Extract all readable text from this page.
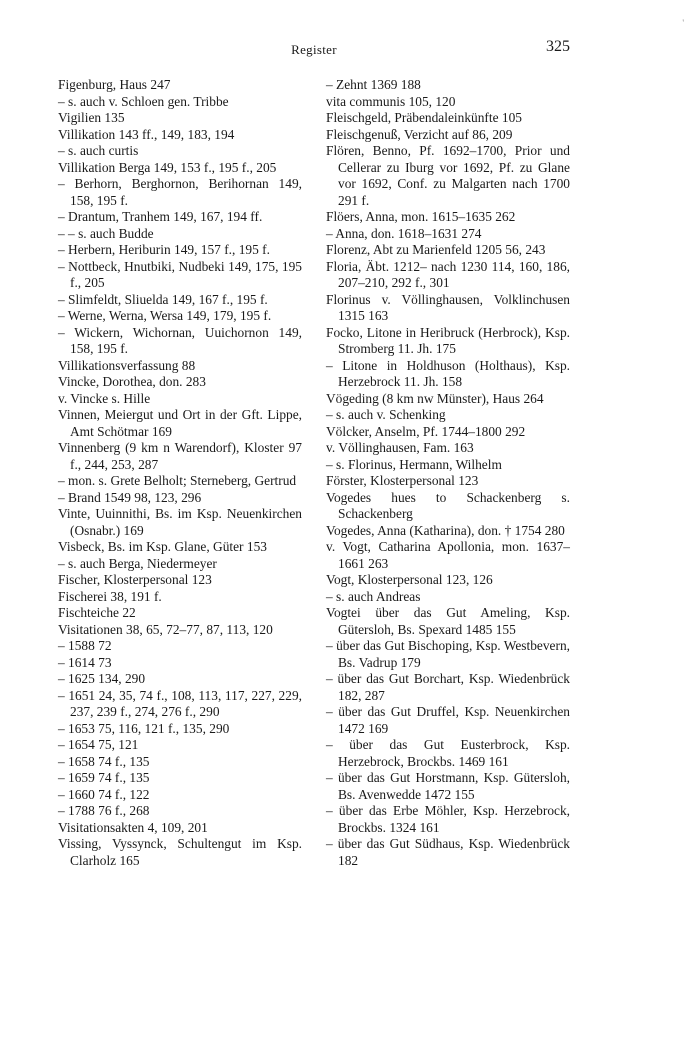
Register	325
'

Figenburg, Haus 247

– s. auch v. Schloen gen. Tribbe

Vigilien 135

Villikation 143 ff., 149, 183, 194

– s. auch curtis

Villikation Berga 149, 153 f., 195 f., 205

– Berhorn, Berghornon, Berihornan 149, 158, 195 f.

– Drantum, Tranhem 149, 167, 194 ff.

– – s. auch Budde

– Herbern, Heriburin 149, 157 f., 195 f.

– Nottbeck, Hnutbiki, Nudbeki 149, 175, 195 f., 205

– Slimfeldt, Sliuelda 149, 167 f., 195 f.

– Werne, Werna, Wersa 149, 179, 195 f.

– Wickern, Wichornan, Uuichornon 149, 158, 195 f.

Villikationsverfassung 88

Vincke, Dorothea, don. 283

v. Vincke s. Hille

Vinnen, Meiergut und Ort in der Gft. Lippe, Amt Schötmar 169

Vinnenberg (9 km n Warendorf), Kloster 97 f., 244, 253, 287

– mon. s. Grete Belholt; Sterneberg, Gertrud

– Brand 1549 98, 123, 296

Vinte, Uuinnithi, Bs. im Ksp. Neuenkirchen (Osnabr.) 169

Visbeck, Bs. im Ksp. Glane, Güter 153

– s. auch Berga, Niedermeyer

Fischer, Klosterpersonal 123

Fischerei 38, 191 f.

Fischteiche 22

Visitationen 38, 65, 72–77, 87, 113, 120

– 1588 72

– 1614 73

– 1625 134, 290

– 1651 24, 35, 74 f., 108, 113, 117, 227, 229, 237, 239 f., 274, 276 f., 290

– 1653 75, 116, 121 f., 135, 290

– 1654 75, 121

– 1658 74 f., 135

– 1659 74 f., 135

– 1660 74 f., 122

– 1788 76 f., 268

Visitationsakten 4, 109, 201

Vissing, Vyssynck, Schultengut im Ksp. Clarholz 165

– Zehnt 1369 188

vita communis 105, 120

Fleischgeld, Präbendaleinkünfte 105

Fleischgenuß, Verzicht auf 86, 209

Flören, Benno, Pf. 1692–1700, Prior und Cellerar zu Iburg vor 1692, Pf. zu Glane vor 1692, Conf. zu Malgarten nach 1700 291 f.

Flöers, Anna, mon. 1615–1635 262

– Anna, don. 1618–1631 274

Florenz, Abt zu Marienfeld 1205 56, 243

Floria, Äbt. 1212– nach 1230 114, 160, 186, 207–210, 292 f., 301

Florinus v. Völlinghausen, Volklinchusen 1315 163

Focko, Litone in Heribruck (Herbrock), Ksp. Stromberg 11. Jh. 175

– Litone in Holdhuson (Holthaus), Ksp. Herzebrock 11. Jh. 158

Vögeding (8 km nw Münster), Haus 264

– s. auch v. Schenking

Völcker, Anselm, Pf. 1744–1800 292

v. Völlinghausen, Fam. 163

– s. Florinus, Hermann, Wilhelm

Förster, Klosterpersonal 123

Vogedes hues to Schackenberg s. Schackenberg

Vogedes, Anna (Katharina), don. † 1754 280

v. Vogt, Catharina Apollonia, mon. 1637–1661 263

Vogt, Klosterpersonal 123, 126

– s. auch Andreas

Vogtei über das Gut Ameling, Ksp. Gütersloh, Bs. Spexard 1485 155

– über das Gut Bischoping, Ksp. Westbevern, Bs. Vadrup 179

– über das Gut Borchart, Ksp. Wiedenbrück 182, 287

– über das Gut Druffel, Ksp. Neuenkirchen 1472 169

– über das Gut Eusterbrock, Ksp. Herzebrock, Brockbs. 1469 161

– über das Gut Horstmann, Ksp. Gütersloh, Bs. Avenwedde 1472 155

– über das Erbe Möhler, Ksp. Herzebrock, Brockbs. 1324 161

– über das Gut Südhaus, Ksp. Wiedenbrück 182
